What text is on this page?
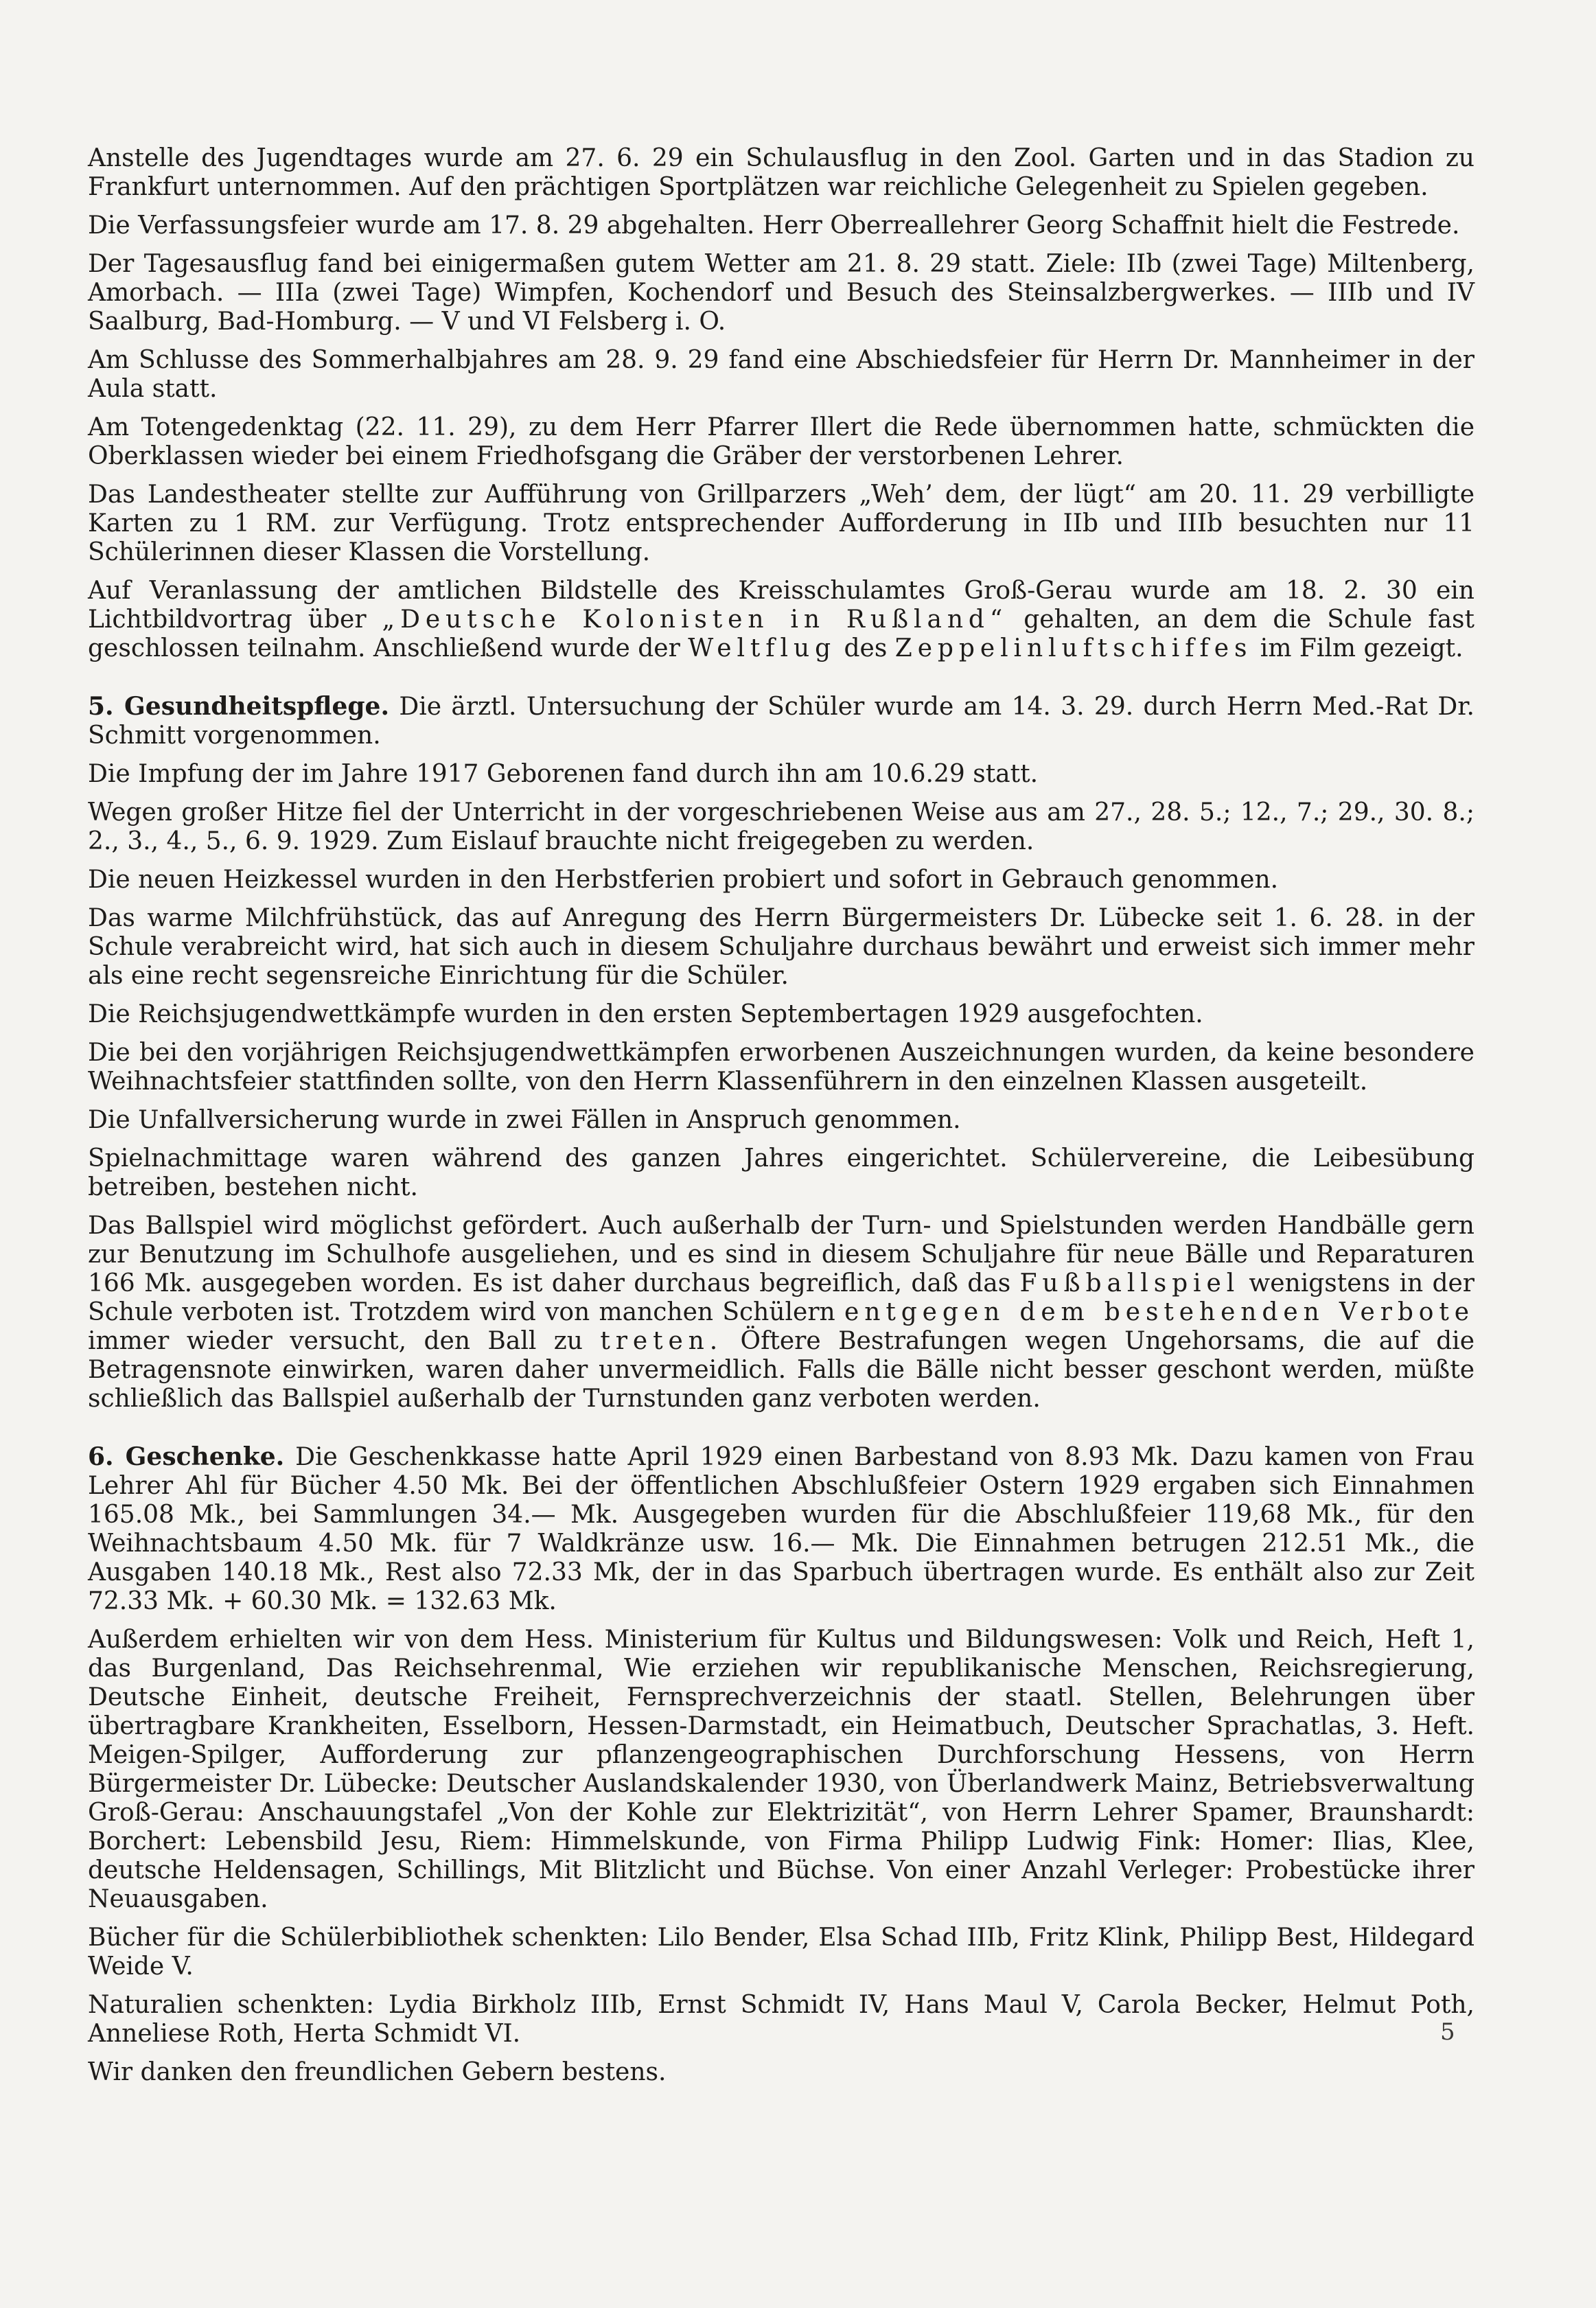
Anstelle des Jugendtages wurde am 27. 6. 29 ein Schulausflug in den Zool. Garten und in das Stadion zu Frankfurt unternommen. Auf den prächtigen Sportplätzen war reichliche Gelegenheit zu Spielen gegeben.

Die Verfassungsfeier wurde am 17. 8. 29 abgehalten. Herr Oberreallehrer Georg Schaffnit hielt die Festrede.

Der Tagesausflug fand bei einigermaßen gutem Wetter am 21. 8. 29 statt. Ziele: IIb (zwei Tage) Miltenberg, Amorbach. — IIIa (zwei Tage) Wimpfen, Kochendorf und Besuch des Steinsalzbergwerkes. — IIIb und IV Saalburg, Bad-Homburg. — V und VI Felsberg i. O.

Am Schlusse des Sommerhalbjahres am 28. 9. 29 fand eine Abschiedsfeier für Herrn Dr. Mannheimer in der Aula statt.

Am Totengedenktag (22. 11. 29), zu dem Herr Pfarrer Illert die Rede übernommen hatte, schmückten die Oberklassen wieder bei einem Friedhofsgang die Gräber der verstorbenen Lehrer.

Das Landestheater stellte zur Aufführung von Grillparzers „Weh’ dem, der lügt“ am 20. 11. 29 verbilligte Karten zu 1 RM. zur Verfügung. Trotz entsprechender Aufforderung in IIb und IIIb besuchten nur 11 Schülerinnen dieser Klassen die Vorstellung.

Auf Veranlassung der amtlichen Bildstelle des Kreisschulamtes Groß-Gerau wurde am 18. 2. 30 ein Lichtbildvortrag über „Deutsche Kolonisten in Rußland“ gehalten, an dem die Schule fast geschlossen teilnahm. Anschließend wurde der Weltflug des Zeppelinluftschiffes im Film gezeigt.

5. Gesundheitspflege. Die ärztl. Untersuchung der Schüler wurde am 14. 3. 29. durch Herrn Med.-Rat Dr. Schmitt vorgenommen.

Die Impfung der im Jahre 1917 Geborenen fand durch ihn am 10.6.29 statt.

Wegen großer Hitze fiel der Unterricht in der vorgeschriebenen Weise aus am 27., 28. 5.; 12., 7.; 29., 30. 8.; 2., 3., 4., 5., 6. 9. 1929. Zum Eislauf brauchte nicht freigegeben zu werden.

Die neuen Heizkessel wurden in den Herbstferien probiert und sofort in Gebrauch genommen.

Das warme Milchfrühstück, das auf Anregung des Herrn Bürgermeisters Dr. Lübecke seit 1. 6. 28. in der Schule verabreicht wird, hat sich auch in diesem Schuljahre durchaus bewährt und erweist sich immer mehr als eine recht segensreiche Einrichtung für die Schüler.

Die Reichsjugendwettkämpfe wurden in den ersten Septembertagen 1929 ausgefochten.

Die bei den vorjährigen Reichsjugendwettkämpfen erworbenen Auszeichnungen wurden, da keine besondere Weihnachtsfeier stattfinden sollte, von den Herrn Klassenführern in den einzelnen Klassen ausgeteilt.

Die Unfallversicherung wurde in zwei Fällen in Anspruch genommen.

Spielnachmittage waren während des ganzen Jahres eingerichtet. Schülervereine, die Leibesübung betreiben, bestehen nicht.

Das Ballspiel wird möglichst gefördert. Auch außerhalb der Turn- und Spielstunden werden Handbälle gern zur Benutzung im Schulhofe ausgeliehen, und es sind in diesem Schuljahre für neue Bälle und Reparaturen 166 Mk. ausgegeben worden. Es ist daher durchaus begreiflich, daß das Fußballspiel wenigstens in der Schule verboten ist. Trotzdem wird von manchen Schülern entgegen dem bestehenden Verbote immer wieder versucht, den Ball zu treten. Öftere Bestrafungen wegen Ungehorsams, die auf die Betragensnote einwirken, waren daher unvermeidlich. Falls die Bälle nicht besser geschont werden, müßte schließlich das Ballspiel außerhalb der Turnstunden ganz verboten werden.

6. Geschenke. Die Geschenkkasse hatte April 1929 einen Barbestand von 8.93 Mk. Dazu kamen von Frau Lehrer Ahl für Bücher 4.50 Mk. Bei der öffentlichen Abschlußfeier Ostern 1929 ergaben sich Einnahmen 165.08 Mk., bei Sammlungen 34.— Mk. Ausgegeben wurden für die Abschlußfeier 119,68 Mk., für den Weihnachtsbaum 4.50 Mk. für 7 Waldkränze usw. 16.— Mk. Die Einnahmen betrugen 212.51 Mk., die Ausgaben 140.18 Mk., Rest also 72.33 Mk, der in das Sparbuch übertragen wurde. Es enthält also zur Zeit 72.33 Mk. + 60.30 Mk. = 132.63 Mk.

Außerdem erhielten wir von dem Hess. Ministerium für Kultus und Bildungswesen: Volk und Reich, Heft 1, das Burgenland, Das Reichsehrenmal, Wie erziehen wir republikanische Menschen, Reichsregierung, Deutsche Einheit, deutsche Freiheit, Fernsprechverzeichnis der staatl. Stellen, Belehrungen über übertragbare Krankheiten, Esselborn, Hessen-Darmstadt, ein Heimatbuch, Deutscher Sprachatlas, 3. Heft. Meigen-Spilger, Aufforderung zur pflanzengeographischen Durchforschung Hessens, von Herrn Bürgermeister Dr. Lübecke: Deutscher Auslandskalender 1930, von Überlandwerk Mainz, Betriebsverwaltung Groß-Gerau: Anschauungstafel „Von der Kohle zur Elektrizität“, von Herrn Lehrer Spamer, Braunshardt: Borchert: Lebensbild Jesu, Riem: Himmelskunde, von Firma Philipp Ludwig Fink: Homer: Ilias, Klee, deutsche Heldensagen, Schillings, Mit Blitzlicht und Büchse. Von einer Anzahl Verleger: Probestücke ihrer Neuausgaben.

Bücher für die Schülerbibliothek schenkten: Lilo Bender, Elsa Schad IIIb, Fritz Klink, Philipp Best, Hildegard Weide V.

Naturalien schenkten: Lydia Birkholz IIIb, Ernst Schmidt IV, Hans Maul V, Carola Becker, Helmut Poth, Anneliese Roth, Herta Schmidt VI.

Wir danken den freundlichen Gebern bestens.

5
